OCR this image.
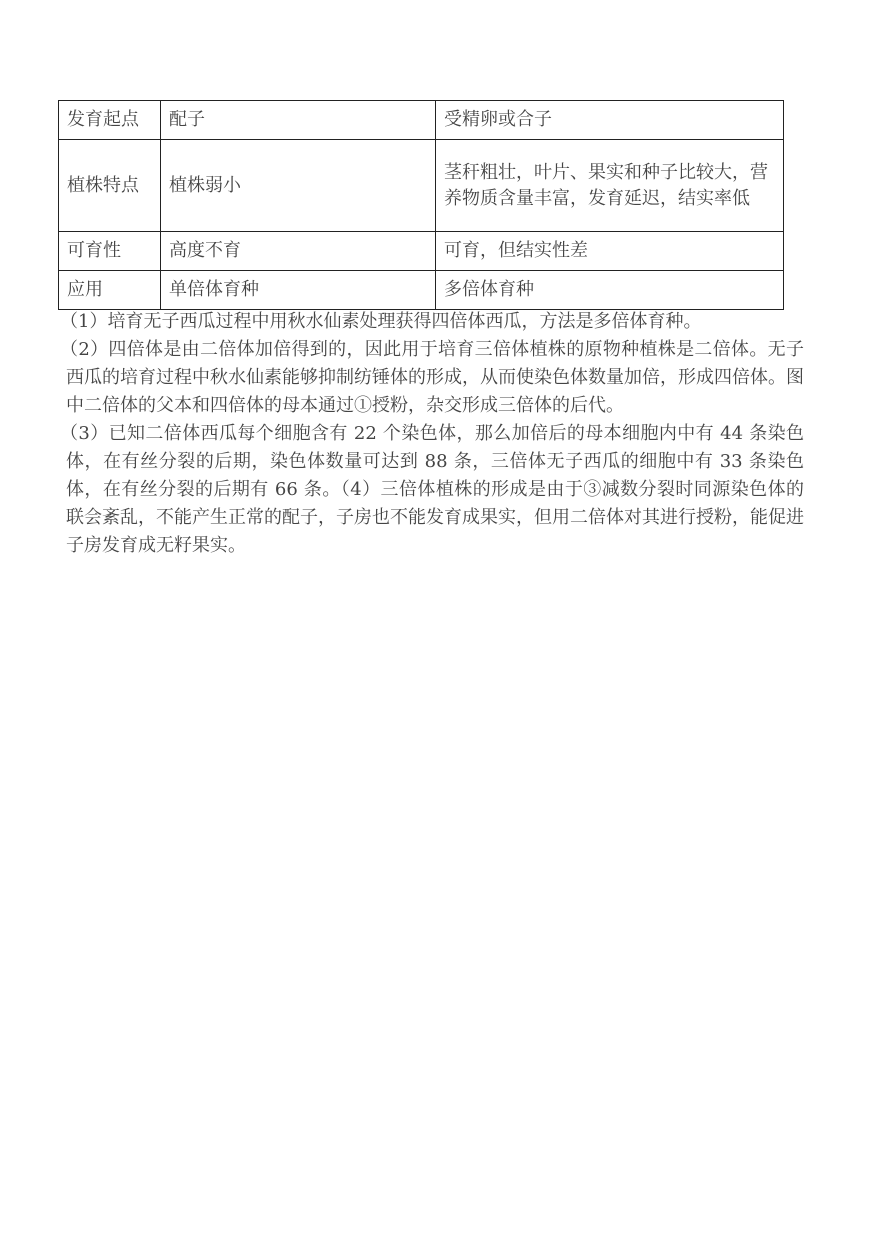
发育起点	配子	受精卵或合子
植株特点	植株弱小	茎秆粗壮，叶片、果实和种子比较大，营养物质含量丰富，发育延迟，结实率低
可育性	高度不育	可育，但结实性差
应用	单倍体育种	多倍体育种

（1）培育无子西瓜过程中用秋水仙素处理获得四倍体西瓜，方法是多倍体育种。

（2）四倍体是由二倍体加倍得到的，因此用于培育三倍体植株的原物种植株是二倍体。无子西瓜的培育过程中秋水仙素能够抑制纺锤体的形成，从而使染色体数量加倍，形成四倍体。图中二倍体的父本和四倍体的母本通过①授粉，杂交形成三倍体的后代。

（3）已知二倍体西瓜每个细胞含有 22 个染色体，那么加倍后的母本细胞内中有 44 条染色体，在有丝分裂的后期，染色体数量可达到 88 条，三倍体无子西瓜的细胞中有 33 条染色体，在有丝分裂的后期有 66 条。（4）三倍体植株的形成是由于③减数分裂时同源染色体的联会紊乱，不能产生正常的配子，子房也不能发育成果实，但用二倍体对其进行授粉，能促进子房发育成无籽果实。
